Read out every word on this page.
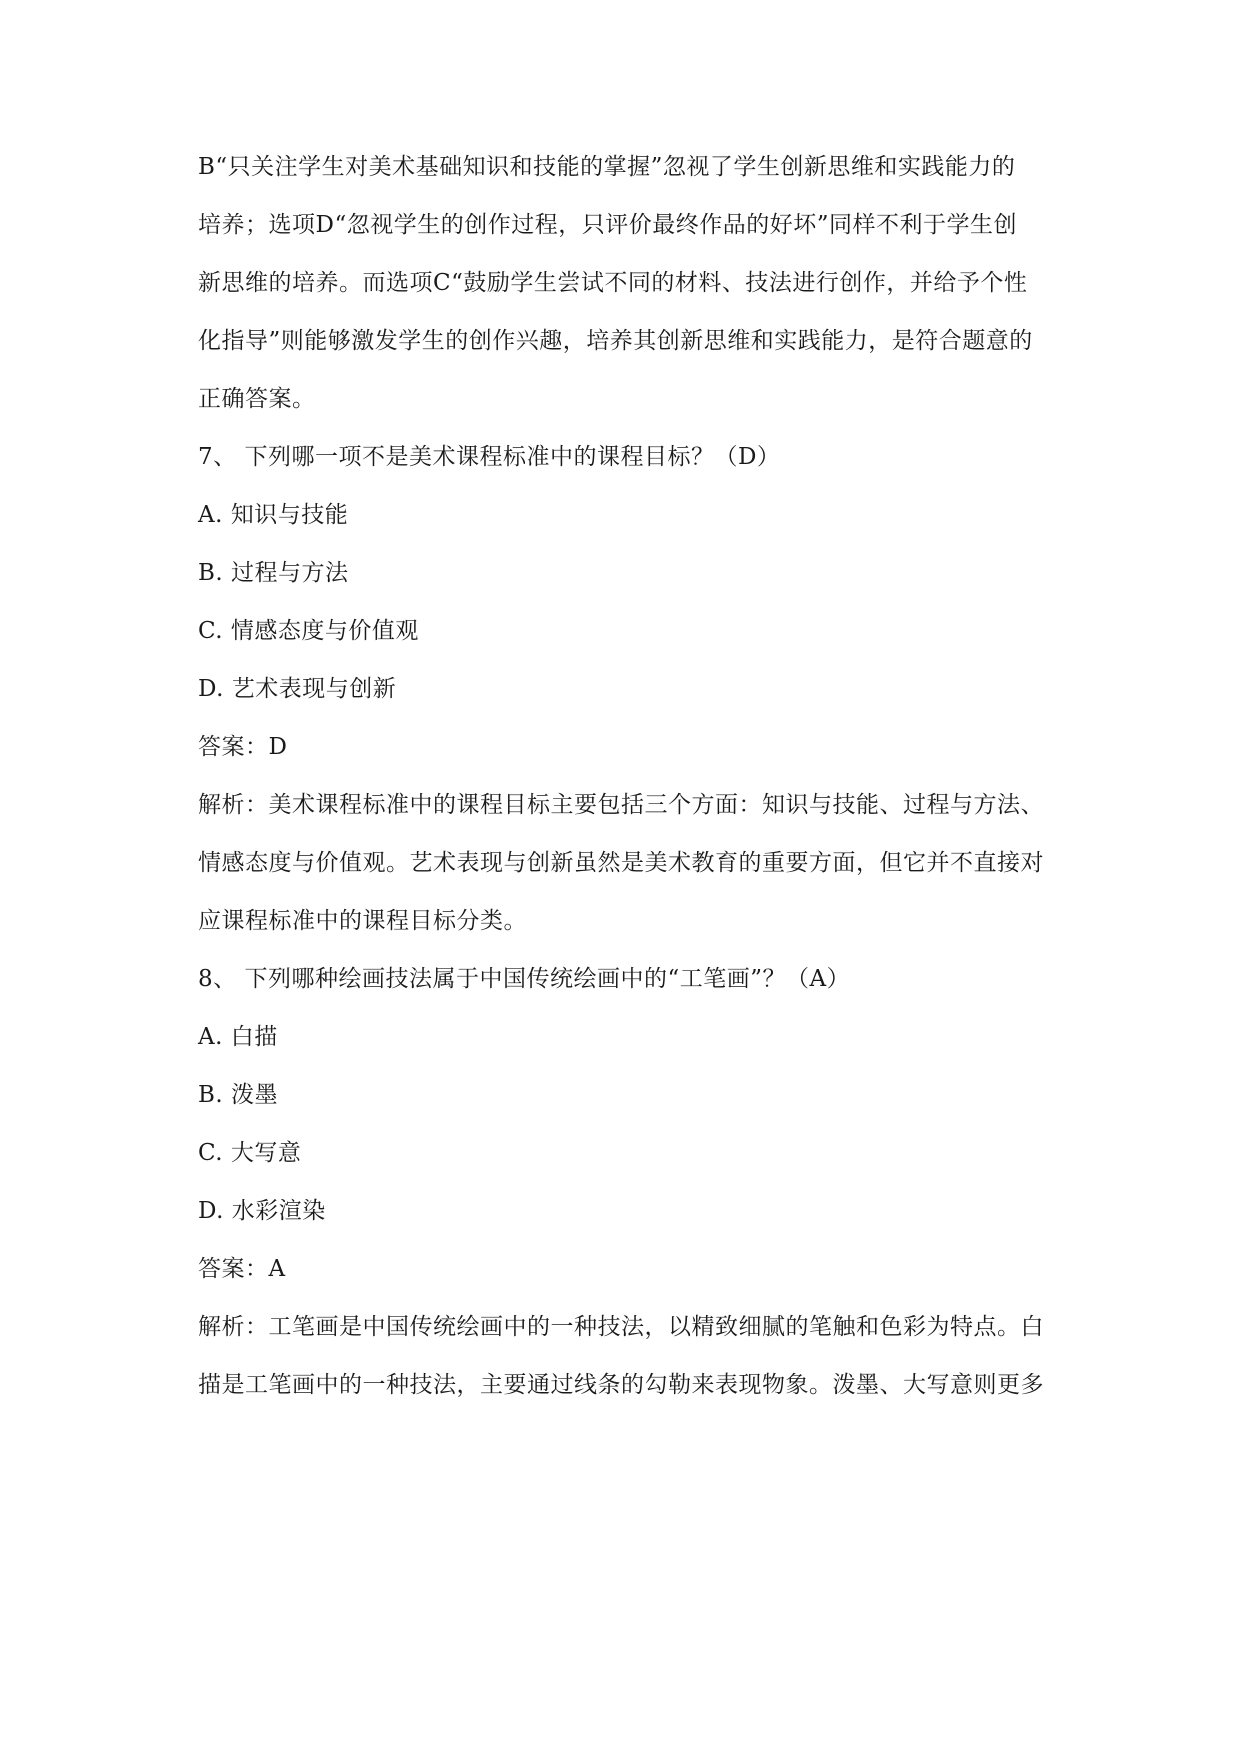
B“只关注学生对美术基础知识和技能的掌握”忽视了学生创新思维和实践能力的

培养；选项D“忽视学生的创作过程，只评价最终作品的好坏”同样不利于学生创

新思维的培养。而选项C“鼓励学生尝试不同的材料、技法进行创作，并给予个性

化指导”则能够激发学生的创作兴趣，培养其创新思维和实践能力，是符合题意的

正确答案。

7、 下列哪一项不是美术课程标准中的课程目标？（D）

A. 知识与技能

B. 过程与方法

C. 情感态度与价值观

D. 艺术表现与创新

答案：D

解析：美术课程标准中的课程目标主要包括三个方面：知识与技能、过程与方法、

情感态度与价值观。艺术表现与创新虽然是美术教育的重要方面，但它并不直接对

应课程标准中的课程目标分类。

8、 下列哪种绘画技法属于中国传统绘画中的“工笔画”？（A）

A. 白描

B. 泼墨

C. 大写意

D. 水彩渲染

答案：A

解析：工笔画是中国传统绘画中的一种技法，以精致细腻的笔触和色彩为特点。白

描是工笔画中的一种技法，主要通过线条的勾勒来表现物象。泼墨、大写意则更多
